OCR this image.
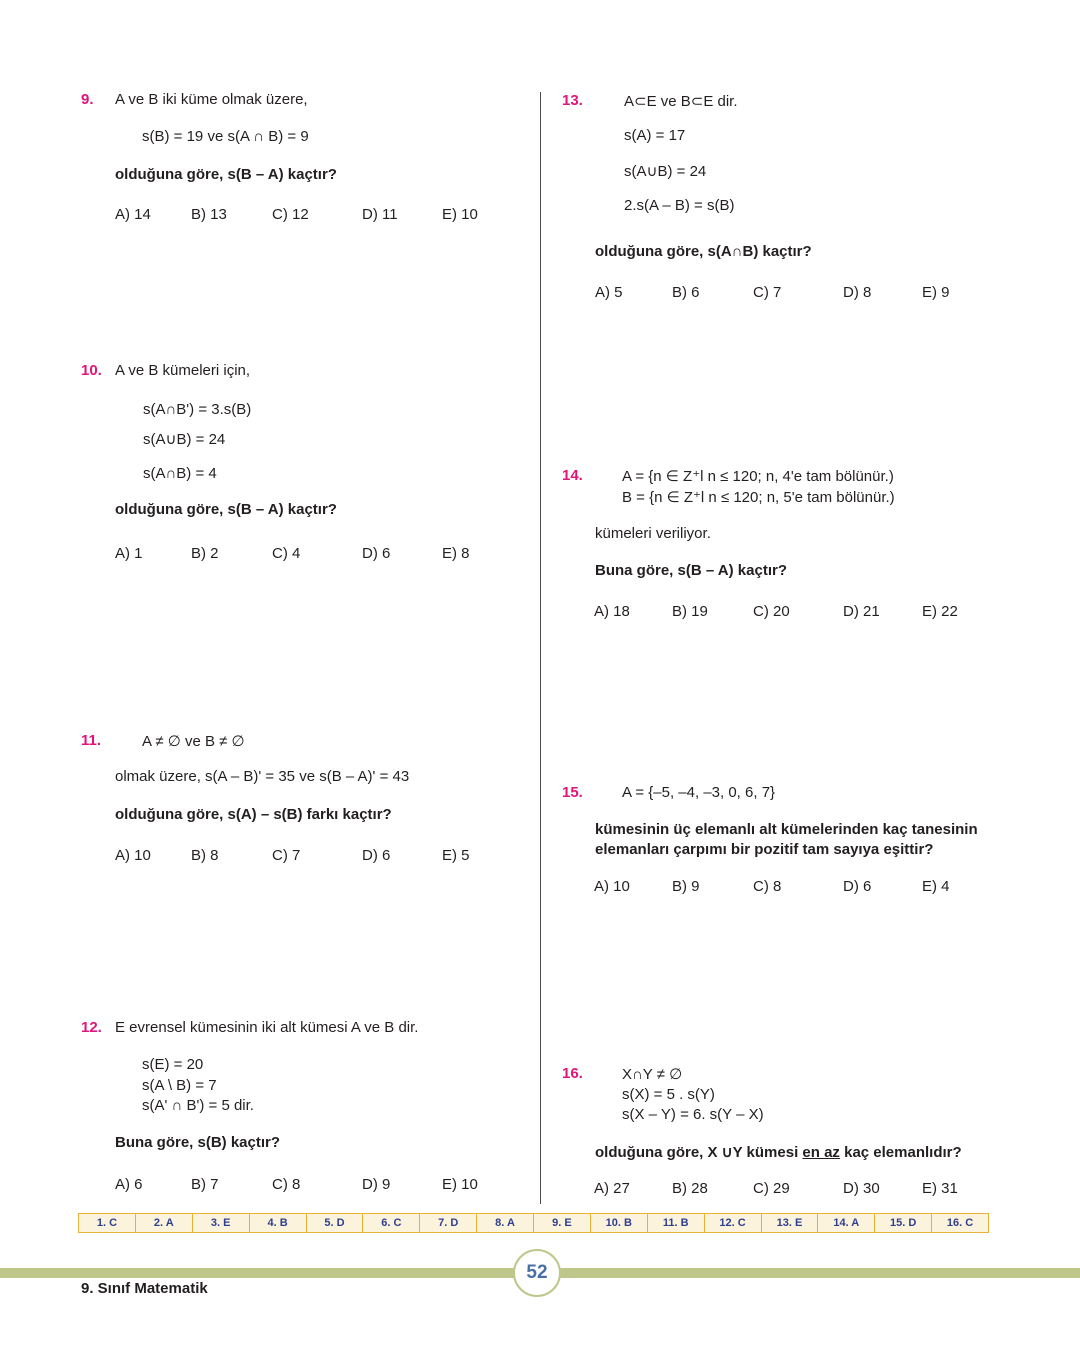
9. A ve B iki küme olmak üzere,
s(B) = 19 ve s(A ∩ B) = 9
olduğuna göre, s(B – A) kaçtır?
A) 14	B) 13	C) 12	D) 11	E) 10
10. A ve B kümeleri için,
s(A∩B') = 3.s(B)
s(A∪B) = 24
s(A∩B) = 4
olduğuna göre, s(B – A) kaçtır?
A) 1	B) 2	C) 4	D) 6	E) 8
11.	A ≠ ∅ ve B ≠ ∅
olmak üzere, s(A – B)' = 35 ve s(B – A)' = 43
olduğuna göre, s(A) – s(B) farkı kaçtır?
A) 10	B) 8	C) 7	D) 6	E) 5
12. E evrensel kümesinin iki alt kümesi A ve B dir.
s(E) = 20
s(A \ B) = 7
s(A' ∩ B') = 5 dir.
Buna göre, s(B) kaçtır?
A) 6	B) 7	C) 8	D) 9	E) 10
13.	A⊂E ve B⊂E dir.
s(A) = 17
s(A∪B) = 24
2.s(A – B) = s(B)
olduğuna göre, s(A∩B) kaçtır?
A) 5	B) 6	C) 7	D) 8	E) 9
14.	A = {n ∈ Z⁺l n ≤ 120; n, 4'e tam bölünür.)
B = {n ∈ Z⁺l n ≤ 120; n, 5'e tam bölünür.)
kümeleri veriliyor.
Buna göre, s(B – A) kaçtır?
A) 18	B) 19	C) 20	D) 21	E) 22
15.	A = {–5, –4, –3, 0, 6, 7}
kümesinin üç elemanlı alt kümelerinden kaç tanesinin
elemanları çarpımı bir pozitif tam sayıya eşittir?
A) 10	B) 9	C) 8	D) 6	E) 4
16.	X∩Y ≠ ∅
s(X) = 5 . s(Y)
s(X – Y) = 6. s(Y – X)
olduğuna göre, X ∪Y kümesi en az kaç elemanlıdır?
A) 27	B) 28	C) 29	D) 30	E) 31
1. C	2. A	3. E	4. B	5. D	6. C	7. D	8. A	9. E	10. B	11. B	12. C	13. E	14. A	15. D	16. C
52
9. Sınıf Matematik
